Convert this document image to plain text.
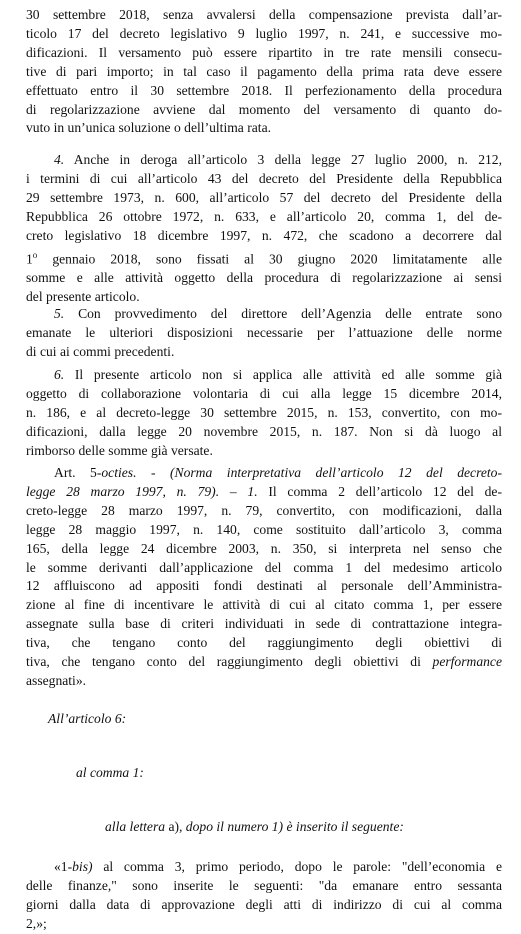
30 settembre 2018, senza avvalersi della compensazione prevista dall’ar-
ticolo 17 del decreto legislativo 9 luglio 1997, n. 241, e successive mo-
dificazioni. Il versamento può essere ripartito in tre rate mensili consecu-
tive di pari importo; in tal caso il pagamento della prima rata deve essere
effettuato entro il 30 settembre 2018. Il perfezionamento della procedura
di regolarizzazione avviene dal momento del versamento di quanto do-
vuto in un’unica soluzione o dell’ultima rata.
4. Anche in deroga all’articolo 3 della legge 27 luglio 2000, n. 212,
i termini di cui all’articolo 43 del decreto del Presidente della Repubblica
29 settembre 1973, n. 600, all’articolo 57 del decreto del Presidente della
Repubblica 26 ottobre 1972, n. 633, e all’articolo 20, comma 1, del de-
creto legislativo 18 dicembre 1997, n. 472, che scadono a decorrere dal
1$^o$ gennaio 2018, sono fissati al 30 giugno 2020 limitatamente alle
somme e alle attività oggetto della procedura di regolarizzazione ai sensi
del presente articolo.
5. Con provvedimento del direttore dell’Agenzia delle entrate sono
emanate le ulteriori disposizioni necessarie per l’attuazione delle norme
di cui ai commi precedenti.
6. Il presente articolo non si applica alle attività ed alle somme già
oggetto di collaborazione volontaria di cui alla legge 15 dicembre 2014,
n. 186, e al decreto-legge 30 settembre 2015, n. 153, convertito, con mo-
dificazioni, dalla legge 20 novembre 2015, n. 187. Non si dà luogo al
rimborso delle somme già versate.
Art. 5-octies. - (Norma interpretativa dell’articolo 12 del decreto-
legge 28 marzo 1997, n. 79). – 1. Il comma 2 dell’articolo 12 del de-
creto-legge 28 marzo 1997, n. 79, convertito, con modificazioni, dalla
legge 28 maggio 1997, n. 140, come sostituito dall’articolo 3, comma
165, della legge 24 dicembre 2003, n. 350, si interpreta nel senso che
le somme derivanti dall’applicazione del comma 1 del medesimo articolo
12 affluiscono ad appositi fondi destinati al personale dell’Amministra-
zione al fine di incentivare le attività di cui al citato comma 1, per essere
assegnate sulla base di criteri individuati in sede di contrattazione integra-
tiva, che tengano conto del raggiungimento degli obiettivi di
tiva, che tengano conto del raggiungimento degli obiettivi di performance
assegnati».
All’articolo 6:
al comma 1:
alla lettera a), dopo il numero 1) è inserito il seguente:
«1-bis) al comma 3, primo periodo, dopo le parole: "dell’economia e
delle finanze," sono inserite le seguenti: "da emanare entro sessanta
giorni dalla data di approvazione degli atti di indirizzo di cui al comma
2,»;
